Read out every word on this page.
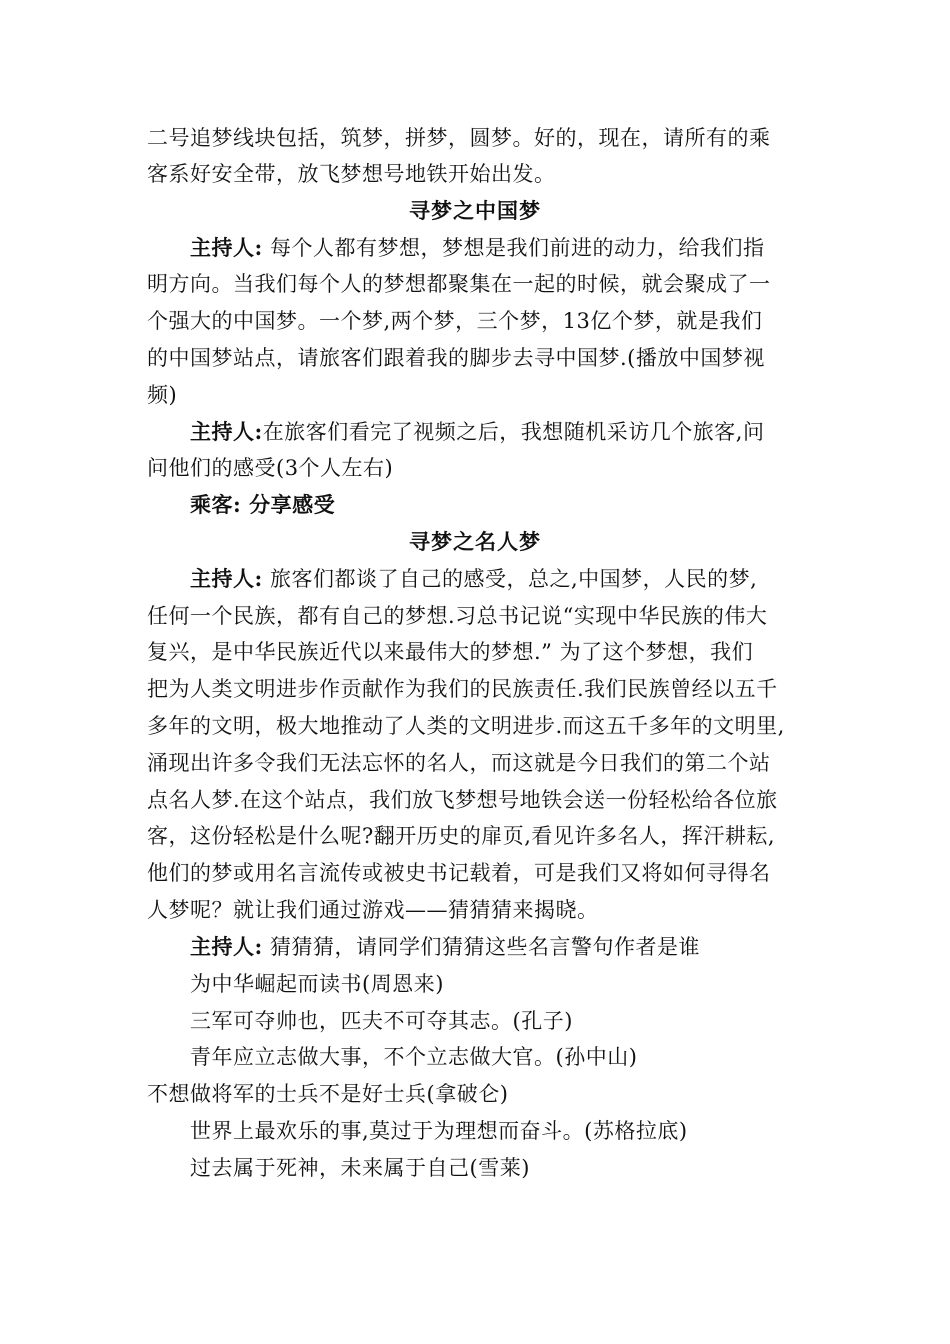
二号追梦线块包括，筑梦，拼梦，圆梦。好的，现在，请所有的乘
客系好安全带，放飞梦想号地铁开始出发。
寻梦之中国梦
主持人: 每个人都有梦想，梦想是我们前进的动力，给我们指
明方向。当我们每个人的梦想都聚集在一起的时候，就会聚成了一
个强大的中国梦。一个梦,两个梦，三个梦，13亿个梦，就是我们
的中国梦站点，请旅客们跟着我的脚步去寻中国梦.(播放中国梦视
频)
主持人:在旅客们看完了视频之后，我想随机采访几个旅客,问
问他们的感受(3个人左右)
乘客: 分享感受
寻梦之名人梦
主持人: 旅客们都谈了自己的感受，总之,中国梦，人民的梦,
任何一个民族，都有自己的梦想.习总书记说“实现中华民族的伟大
复兴，是中华民族近代以来最伟大的梦想.” 为了这个梦想，我们
把为人类文明进步作贡献作为我们的民族责任.我们民族曾经以五千
多年的文明，极大地推动了人类的文明进步.而这五千多年的文明里,
涌现出许多令我们无法忘怀的名人，而这就是今日我们的第二个站
点名人梦.在这个站点，我们放飞梦想号地铁会送一份轻松给各位旅
客，这份轻松是什么呢?翻开历史的扉页,看见许多名人，挥汗耕耘,
他们的梦或用名言流传或被史书记载着，可是我们又将如何寻得名
人梦呢？就让我们通过游戏——猜猜猜来揭晓。
主持人: 猜猜猜，请同学们猜猜这些名言警句作者是谁
为中华崛起而读书(周恩来)
三军可夺帅也，匹夫不可夺其志。(孔子)
青年应立志做大事，不个立志做大官。(孙中山)
不想做将军的士兵不是好士兵(拿破仑)
世界上最欢乐的事,莫过于为理想而奋斗。(苏格拉底)
过去属于死神，未来属于自己(雪莱)
